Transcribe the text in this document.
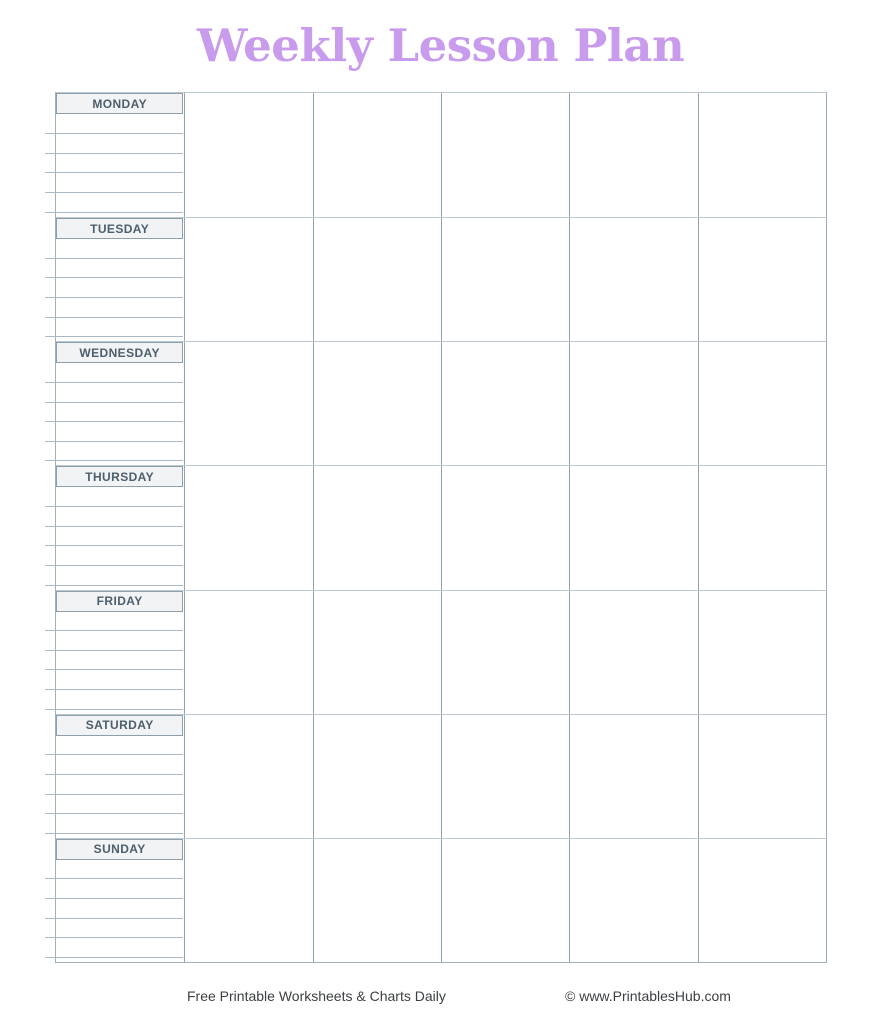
Weekly Lesson Plan
MONDAY
TUESDAY
WEDNESDAY
THURSDAY
FRIDAY
SATURDAY
SUNDAY
Free Printable Worksheets & Charts Daily	© www.PrintablesHub.com
